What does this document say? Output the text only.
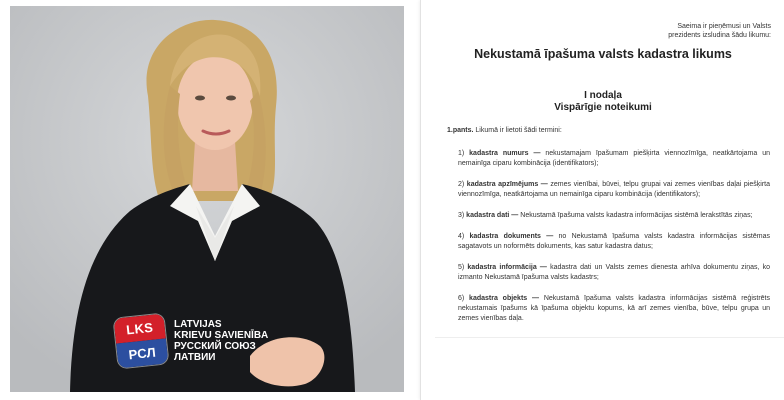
LKS
РСЛ
LATVIJAS
KRIEVU SAVIENĪBA
РУССКИЙ СОЮЗ
ЛАТВИИ
Saeima ir pieņēmusi un Valsts
prezidents izsludina šādu likumu:
Nekustamā īpašuma valsts kadastra likums
I nodaļa
Vispārīgie noteikumi
1.pants. Likumā ir lietoti šādi termini:
1) kadastra numurs — nekustamajam īpašumam piešķirta viennozīmīga, neatkārtojama un nemainīga ciparu kombinācija (identifikators);
2) kadastra apzīmējums — zemes vienībai, būvei, telpu grupai vai zemes vienības daļai piešķirta viennozīmīga, neatkārtojama un nemainīga ciparu kombinācija (identifikators);
3) kadastra dati — Nekustamā īpašuma valsts kadastra informācijas sistēmā lerakstītās ziņas;
4) kadastra dokuments — no Nekustamā īpašuma valsts kadastra informācijas sistēmas sagatavots un noformēts dokuments, kas satur kadastra datus;
5) kadastra informācija — kadastra dati un Valsts zemes dienesta arhīva dokumentu ziņas, ko izmanto Nekustamā īpašuma valsts kadastrs;
6) kadastra objekts — Nekustamā īpašuma valsts kadastra informācijas sistēmā reģistrēts nekustamais īpašums kā īpašuma objektu kopums, kā arī zemes vienība, būve, telpu grupa un zemes vienības daļa.
